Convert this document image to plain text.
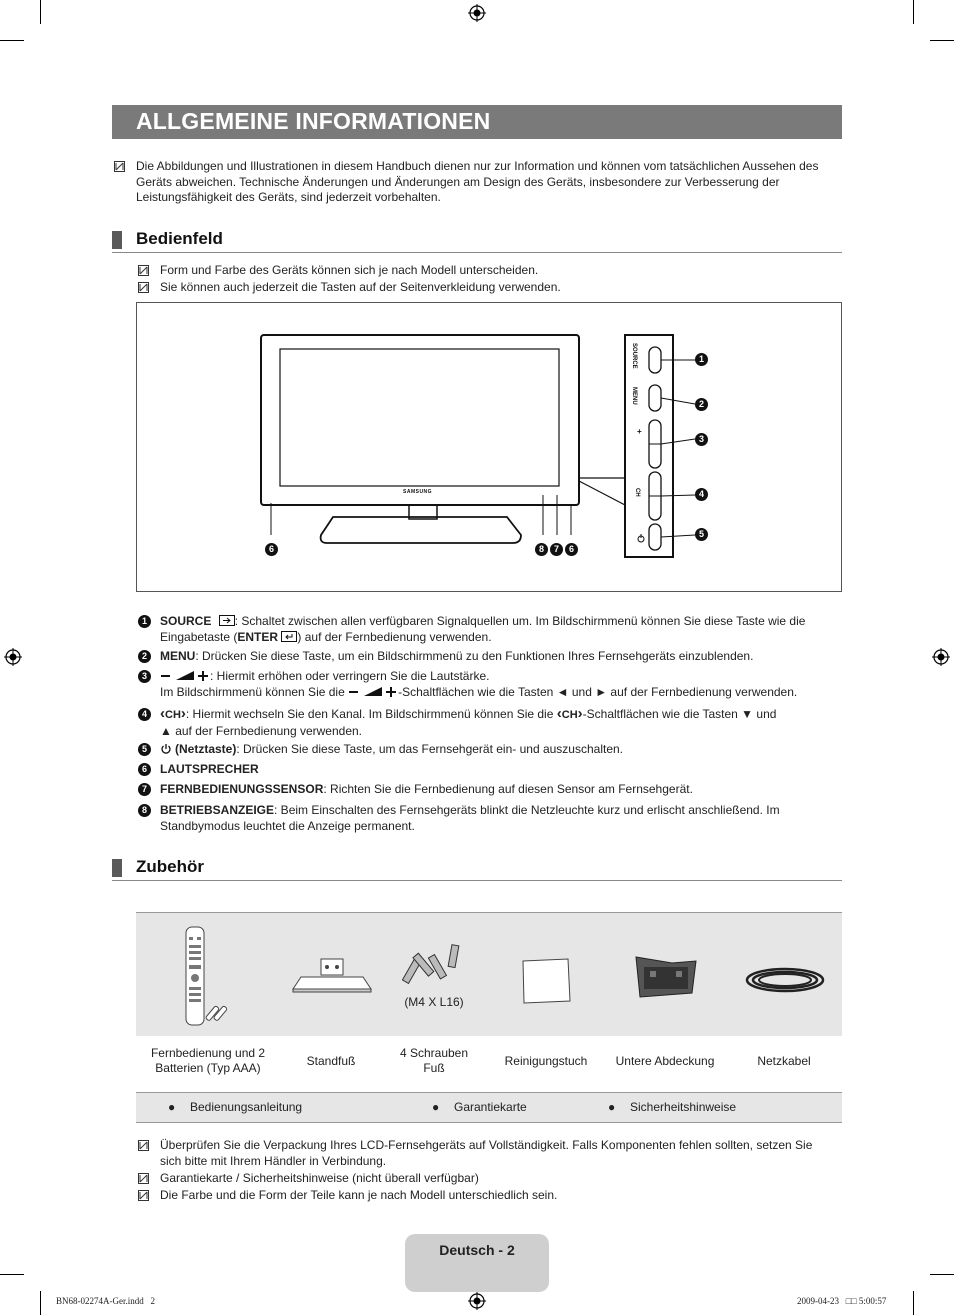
ALLGEMEINE INFORMATIONEN
Die Abbildungen und Illustrationen in diesem Handbuch dienen nur zur Information und können vom tatsächlichen Aussehen des Geräts abweichen. Technische Änderungen und Änderungen am Design des Geräts, insbesondere zur Verbesserung der Leistungsfähigkeit des Geräts, sind jederzeit vorbehalten.
Bedienfeld
Form und Farbe des Geräts können sich je nach Modell unterscheiden.
Sie können auch jederzeit die Tasten auf der Seitenverkleidung verwenden.
SAMSUNG
SOURCE
MENU
+
CH
1
2
3
4
5
6	8	7	6
1	SOURCE : Schaltet zwischen allen verfügbaren Signalquellen um. Im Bildschirmmenü können Sie diese Taste wie die Eingabetaste (ENTER ) auf der Fernbedienung verwenden.
2	MENU: Drücken Sie diese Taste, um ein Bildschirmmenü zu den Funktionen Ihres Fernsehgeräts einzublenden.
3	: Hiermit erhöhen oder verringern Sie die Lautstärke.
Im Bildschirmmenü können Sie die	-Schaltflächen wie die Tasten ◄ und ► auf der Fernbedienung verwenden.
4 ‹CH›: Hiermit wechseln Sie den Kanal. Im Bildschirmmenü können Sie die ‹CH›-Schaltflächen wie die Tasten ▼ und
▲ auf der Fernbedienung verwenden.
5	(Netztaste): Drücken Sie diese Taste, um das Fernsehgerät ein- und auszuschalten.
6	LAUTSPRECHER
7	FERNBEDIENUNGSSENSOR: Richten Sie die Fernbedienung auf diesen Sensor am Fernsehgerät.
8	BETRIEBSANZEIGE: Beim Einschalten des Fernsehgeräts blinkt die Netzleuchte kurz und erlischt anschließend. Im Standbymodus leuchtet die Anzeige permanent.
Zubehör
(M4 X L16)
Fernbedienung und 2 Batterien (Typ AAA)	Standfuß
4 Schrauben Fuß	Reinigungstuch	Untere Abdeckung	Netzkabel
● Bedienungsanleitung	● Garantiekarte	● Sicherheitshinweise
Überprüfen Sie die Verpackung Ihres LCD-Fernsehgeräts auf Vollständigkeit. Falls Komponenten fehlen sollten, setzen Sie sich bitte mit Ihrem Händler in Verbindung.
Garantiekarte / Sicherheitshinweise (nicht überall verfügbar)
Die Farbe und die Form der Teile kann je nach Modell unterschiedlich sein.
Deutsch - 2
BN68-02274A-Ger.indd   2	2009-04-23   □□ 5:00:57
